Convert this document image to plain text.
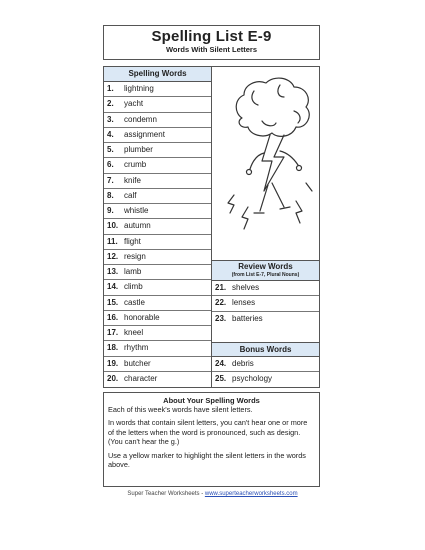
Spelling List E-9
Words With Silent Letters
Spelling Words
1.	lightning
2.	yacht
3.	condemn
4.	assignment
5.	plumber
6.	crumb
7.	knife
8.	calf
9.	whistle
10. autumn
11. flight
12. resign
13. lamb
14. climb
15. castle
16. honorable
17. kneel
18. rhythm
19. butcher
20. character
Review Words
(from List E-7, Plural Nouns)
21. shelves
22. lenses
23. batteries
Bonus Words
24. debris
25. psychology
About Your Spelling Words

Each of this week's words have silent letters.

In words that contain silent letters, you can't hear one or more of the letters when the word is pronounced, such as design. (You can't hear the g.)

Use a yellow marker to highlight the silent letters in the words above.

Super Teacher Worksheets - www.superteacherworksheets.com
